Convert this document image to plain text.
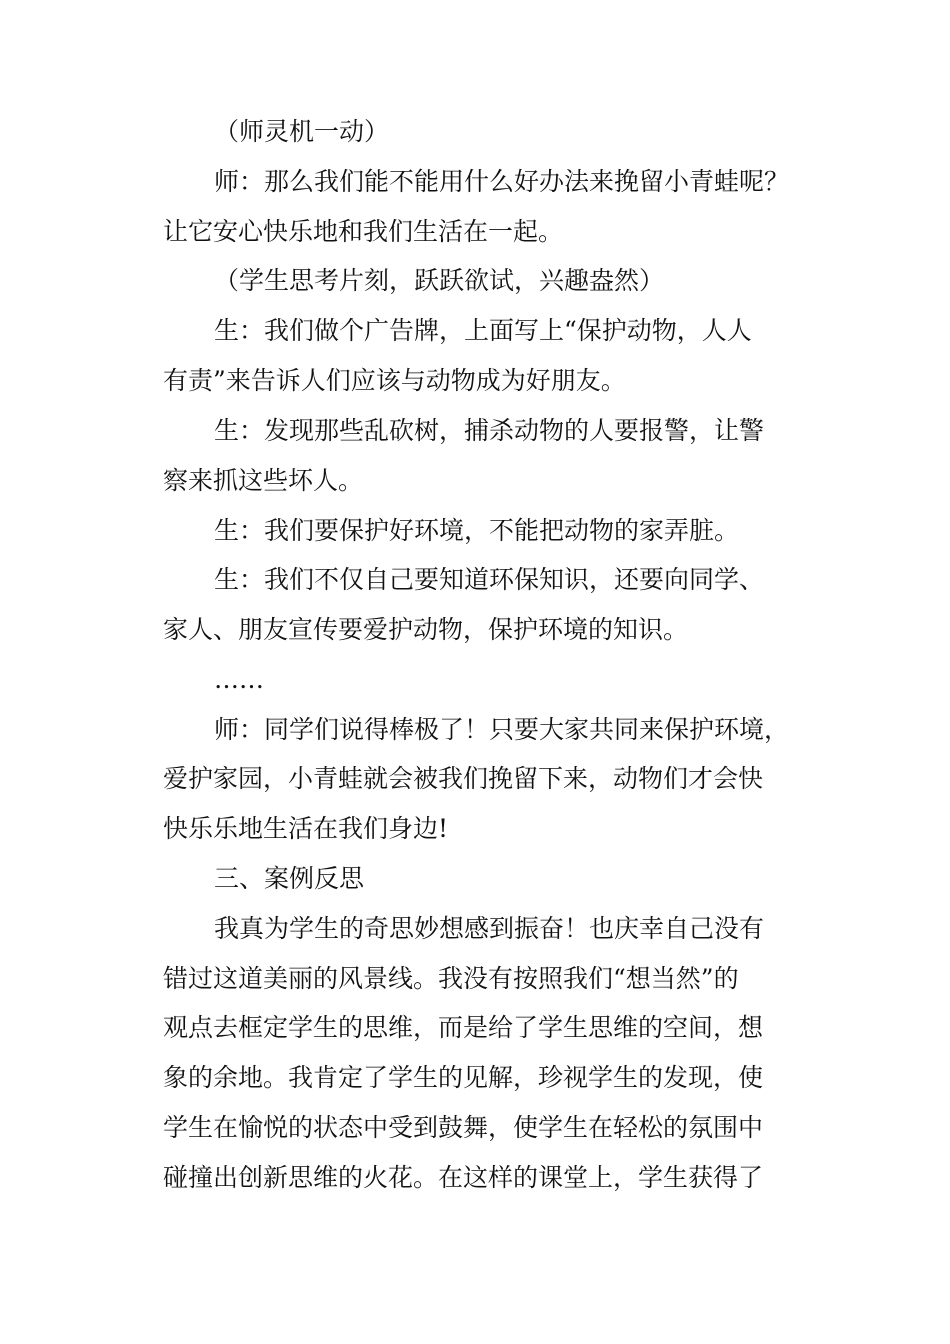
（师灵机一动）
师：那么我们能不能用什么好办法来挽留小青蛙呢？
让它安心快乐地和我们生活在一起。
（学生思考片刻，跃跃欲试，兴趣盎然）
生：我们做个广告牌，上面写上“保护动物，人人
有责”来告诉人们应该与动物成为好朋友。
生：发现那些乱砍树，捕杀动物的人要报警，让警
察来抓这些坏人。
生：我们要保护好环境，不能把动物的家弄脏。
生：我们不仅自己要知道环保知识，还要向同学、
家人、朋友宣传要爱护动物，保护环境的知识。
……
师：同学们说得棒极了！只要大家共同来保护环境，
爱护家园，小青蛙就会被我们挽留下来，动物们才会快
快乐乐地生活在我们身边!
三、案例反思
我真为学生的奇思妙想感到振奋！也庆幸自己没有
错过这道美丽的风景线。我没有按照我们“想当然”的
观点去框定学生的思维，而是给了学生思维的空间，想
象的余地。我肯定了学生的见解，珍视学生的发现，使
学生在愉悦的状态中受到鼓舞，使学生在轻松的氛围中
碰撞出创新思维的火花。在这样的课堂上，学生获得了
